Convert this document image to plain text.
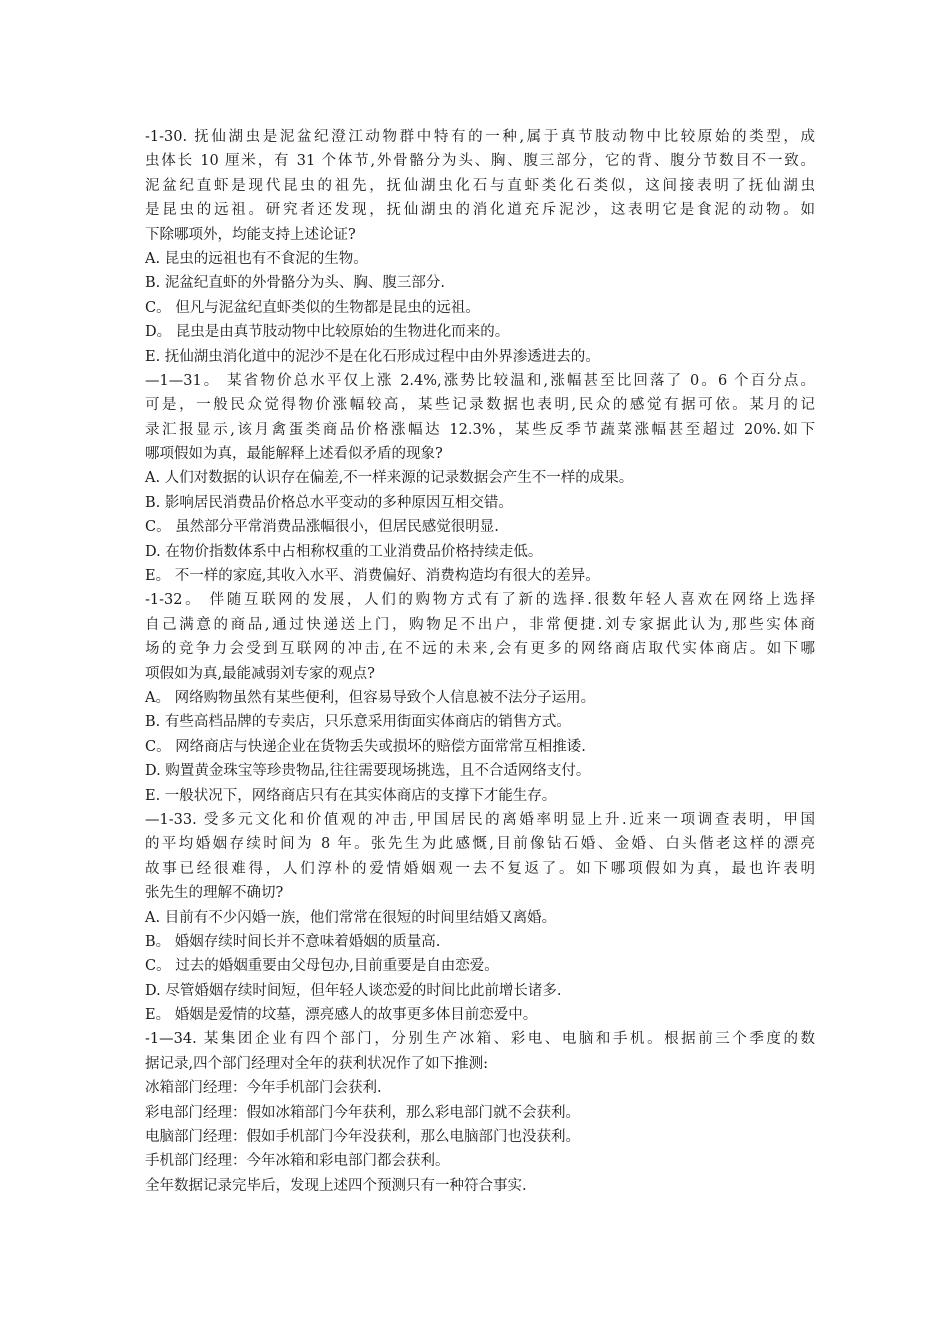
-1-30. 抚仙湖虫是泥盆纪澄江动物群中特有的一种,属于真节肢动物中比较原始的类型，成
虫体长 10 厘米，有 31 个体节,外骨骼分为头、胸、腹三部分，它的背、腹分节数目不一致。
泥盆纪直虾是现代昆虫的祖先，抚仙湖虫化石与直虾类化石类似，这间接表明了抚仙湖虫
是昆虫的远祖。研究者还发现，抚仙湖虫的消化道充斥泥沙，这表明它是食泥的动物。如
下除哪项外，均能支持上述论证?
A. 昆虫的远祖也有不食泥的生物。
B. 泥盆纪直虾的外骨骼分为头、胸、腹三部分.
C。 但凡与泥盆纪直虾类似的生物都是昆虫的远祖。
D。 昆虫是由真节肢动物中比较原始的生物进化而来的。
E. 抚仙湖虫消化道中的泥沙不是在化石形成过程中由外界渗透进去的。
—1—31。 某省物价总水平仅上涨 2.4%,涨势比较温和,涨幅甚至比回落了 0。6 个百分点。
可是，一般民众觉得物价涨幅较高，某些记录数据也表明,民众的感觉有据可依。某月的记
录汇报显示,该月禽蛋类商品价格涨幅达 12.3%，某些反季节蔬菜涨幅甚至超过 20%.如下
哪项假如为真，最能解释上述看似矛盾的现象?
A. 人们对数据的认识存在偏差,不一样来源的记录数据会产生不一样的成果。
B. 影响居民消费品价格总水平变动的多种原因互相交错。
C。 虽然部分平常消费品涨幅很小，但居民感觉很明显.
D. 在物价指数体系中占相称权重的工业消费品价格持续走低。
E。 不一样的家庭,其收入水平、消费偏好、消费构造均有很大的差异。
-1-32。 伴随互联网的发展，人们的购物方式有了新的选择.很数年轻人喜欢在网络上选择
自己满意的商品,通过快递送上门，购物足不出户，非常便捷.刘专家据此认为,那些实体商
场的竞争力会受到互联网的冲击,在不远的未来,会有更多的网络商店取代实体商店。如下哪
项假如为真,最能减弱刘专家的观点?
A。 网络购物虽然有某些便利，但容易导致个人信息被不法分子运用。
B. 有些高档品牌的专卖店，只乐意采用街面实体商店的销售方式。
C。 网络商店与快递企业在货物丢失或损坏的赔偿方面常常互相推诿.
D. 购置黄金珠宝等珍贵物品,往往需要现场挑选，且不合适网络支付。
E. 一般状况下，网络商店只有在其实体商店的支撑下才能生存。
—1-33. 受多元文化和价值观的冲击,甲国居民的离婚率明显上升.近来一项调查表明，甲国
的平均婚姻存续时间为 8 年。张先生为此感慨,目前像钻石婚、金婚、白头偕老这样的漂亮
故事已经很难得，人们淳朴的爱情婚姻观一去不复返了。如下哪项假如为真，最也许表明
张先生的理解不确切?
A. 目前有不少闪婚一族，他们常常在很短的时间里结婚又离婚。
B。 婚姻存续时间长并不意味着婚姻的质量高.
C。 过去的婚姻重要由父母包办,目前重要是自由恋爱。
D. 尽管婚姻存续时间短，但年轻人谈恋爱的时间比此前增长诸多.
E。 婚姻是爱情的坟墓，漂亮感人的故事更多体目前恋爱中。
-1—34. 某集团企业有四个部门，分别生产冰箱、彩电、电脑和手机。根据前三个季度的数
据记录,四个部门经理对全年的获利状况作了如下推测:
冰箱部门经理：今年手机部门会获利.
彩电部门经理：假如冰箱部门今年获利，那么彩电部门就不会获利。
电脑部门经理：假如手机部门今年没获利，那么电脑部门也没获利。
手机部门经理：今年冰箱和彩电部门都会获利。
全年数据记录完毕后，发现上述四个预测只有一种符合事实.
